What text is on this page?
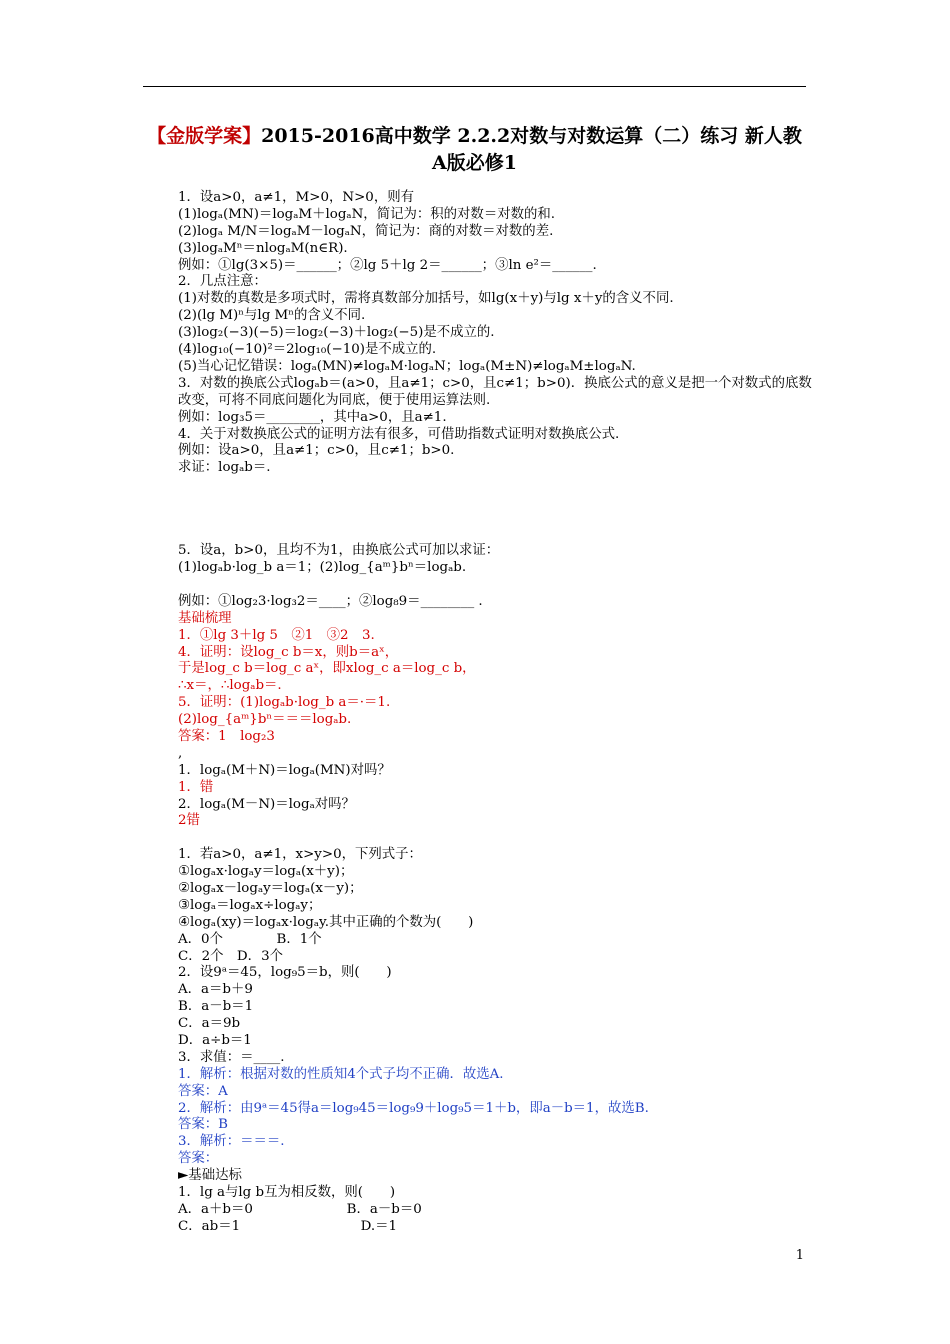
【金版学案】2015-2016高中数学 2.2.2对数与对数运算（二）练习 新人教A版必修1
1．设a>0，a≠1，M>0，N>0，则有
(1)logₐ(MN)＝logₐM＋logₐN，简记为：积的对数＝对数的和.
(2)logₐ M/N＝logₐM－logₐN，简记为：商的对数＝对数的差.
(3)logₐMⁿ＝nlogₐM(n∈R).
例如：①lg(3×5)＝______；②lg 5＋lg 2＝______；③ln e²＝______.
2．几点注意：
(1)对数的真数是多项式时，需将真数部分加括号，如lg(x＋y)与lg x＋y的含义不同.
(2)(lg M)ⁿ与lg Mⁿ的含义不同.
(3)log₂(−3)(−5)＝log₂(−3)＋log₂(−5)是不成立的.
(4)log₁₀(−10)²＝2log₁₀(−10)是不成立的.
(5)当心记忆错误：logₐ(MN)≠logₐM·logₐN；logₐ(M±N)≠logₐM±logₐN.
3．对数的换底公式logₐb＝(a>0，且a≠1；c>0，且c≠1；b>0)．换底公式的意义是把一个对数式的底数改变，可将不同底问题化为同底，便于使用运算法则.
例如：log₃5＝________，其中a>0，且a≠1.
4．关于对数换底公式的证明方法有很多，可借助指数式证明对数换底公式.
例如：设a>0，且a≠1；c>0，且c≠1；b>0.
求证：logₐb＝.
5．设a，b>0，且均不为1，由换底公式可加以求证：
(1)logₐb·log_b a＝1；(2)log_{aᵐ}bⁿ＝logₐb.
例如：①log₂3·log₃2＝____；②log₈9＝________ .
基础梳理
1．①lg 3＋lg 5　②1　③2　3.
4．证明：设log_c b＝x，则b＝aˣ，
于是log_c b＝log_c aˣ，即xlog_c a＝log_c b，
∴x＝，∴logₐb＝.
5．证明：(1)logₐb·log_b a＝·＝1.
(2)log_{aᵐ}bⁿ＝＝＝logₐb.
答案：1　log₂3
,
1．logₐ(M＋N)＝logₐ(MN)对吗？
1．错
2．logₐ(M－N)＝logₐ对吗？
2错
1．若a>0，a≠1，x>y>0，下列式子：
①logₐx·logₐy＝logₐ(x＋y)；
②logₐx－logₐy＝logₐ(x－y)；
③logₐ＝logₐx÷logₐy；
④logₐ(xy)＝logₐx·logₐy.其中正确的个数为(　　)
A．0个　　　　B．1个
C．2个　D．3个
2．设9ᵃ＝45，log₉5＝b，则(　　)
A．a＝b＋9
B．a－b＝1
C．a＝9b
D．a÷b＝1
3．求值：＝____.
1．解析：根据对数的性质知4个式子均不正确．故选A.
答案：A
2．解析：由9ᵃ＝45得a＝log₉45＝log₉9＋log₉5＝1＋b，即a－b＝1，故选B.
答案：B
3．解析：＝＝＝.
答案：
►基础达标
1．lg a与lg b互为相反数，则(　　)
A．a＋b＝0　　　　　　　B．a－b＝0
C．ab＝1　　　　　　　　　D.＝1
1
